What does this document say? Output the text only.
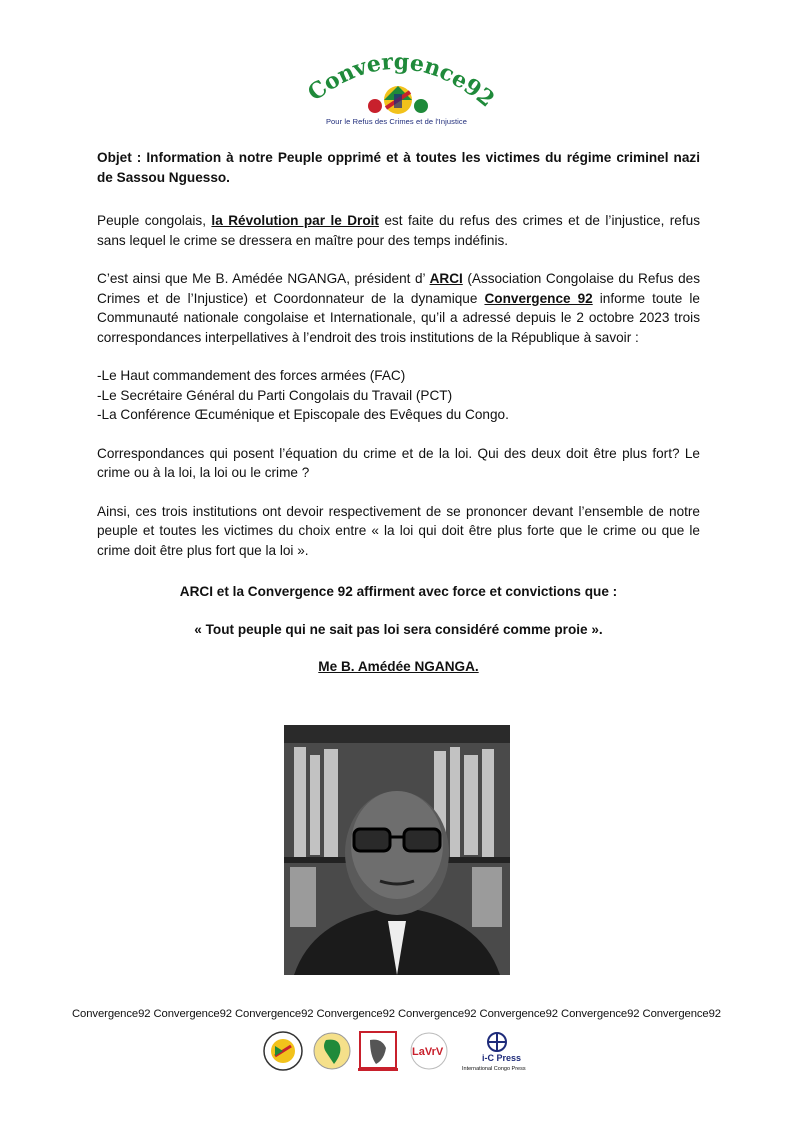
Convergence92
Pour le Refus des Crimes et de l'Injustice

Objet : Information à notre Peuple opprimé et à toutes les victimes du régime criminel nazi de Sassou Nguesso.

Peuple congolais, la Révolution par le Droit est faite du refus des crimes et de l’injustice, refus sans lequel le crime se dressera en maître pour des temps indéfinis.

C’est ainsi que Me B. Amédée NGANGA, président d’ ARCI (Association Congolaise du Refus des Crimes et de l’Injustice) et Coordonnateur de la dynamique Convergence 92 informe toute le Communauté nationale congolaise et Internationale, qu’il a adressé depuis le 2 octobre 2023 trois correspondances interpellatives à l’endroit des trois institutions de la République à savoir :

-Le Haut commandement des forces armées (FAC)

-Le Secrétaire Général du Parti Congolais du Travail (PCT)

-La Conférence Œcuménique et Episcopale des Evêques du Congo.

Correspondances qui posent l’équation du crime et de la loi. Qui des deux doit être plus fort? Le crime ou à la loi, la loi ou le crime ?

Ainsi, ces trois institutions ont devoir respectivement de se prononcer devant l’ensemble de notre peuple et toutes les victimes du choix entre « la loi qui doit être plus forte que le crime ou que le crime doit être plus fort que la loi ».

ARCI et la Convergence 92 affirment avec force et convictions que :

« Tout peuple qui ne sait pas loi sera considéré comme proie ».

Me B. Amédée NGANGA.

Convergence92 Convergence92 Convergence92 Convergence92 Convergence92 Convergence92 Convergence92 Convergence92
LaVrV	i-C Press
International Congo Press
